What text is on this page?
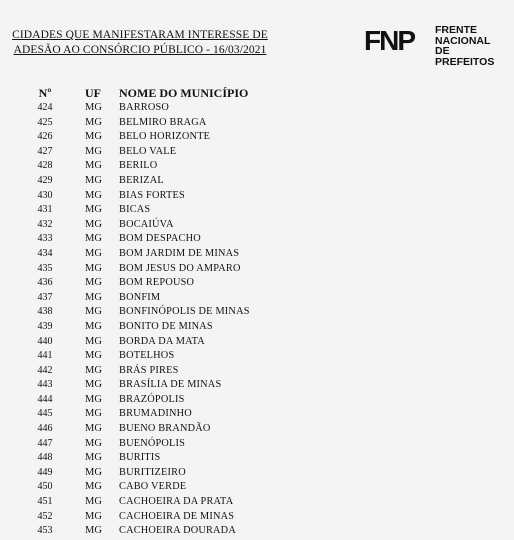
CIDADES QUE MANIFESTARAM INTERESSE DE
ADESÃO AO CONSÓRCIO PÚBLICO - 16/03/2021	FNP FRENTE
NACIONAL
DE PREFEITOS
Nº	UF	NOME DO MUNICÍPIO
424	MG	BARROSO
425	MG	BELMIRO BRAGA
426	MG	BELO HORIZONTE
427	MG	BELO VALE
428	MG	BERILO
429	MG	BERIZAL
430	MG	BIAS FORTES
431	MG	BICAS
432	MG	BOCAIÚVA
433	MG	BOM DESPACHO
434	MG	BOM JARDIM DE MINAS
435	MG	BOM JESUS DO AMPARO
436	MG	BOM REPOUSO
437	MG	BONFIM
438	MG	BONFINÓPOLIS DE MINAS
439	MG	BONITO DE MINAS
440	MG	BORDA DA MATA
441	MG	BOTELHOS
442	MG	BRÁS PIRES
443	MG	BRASÍLIA DE MINAS
444	MG	BRAZÓPOLIS
445	MG	BRUMADINHO
446	MG	BUENO BRANDÃO
447	MG	BUENÓPOLIS
448	MG	BURITIS
449	MG	BURITIZEIRO
450	MG	CABO VERDE
451	MG	CACHOEIRA DA PRATA
452	MG	CACHOEIRA DE MINAS
453	MG	CACHOEIRA DOURADA
